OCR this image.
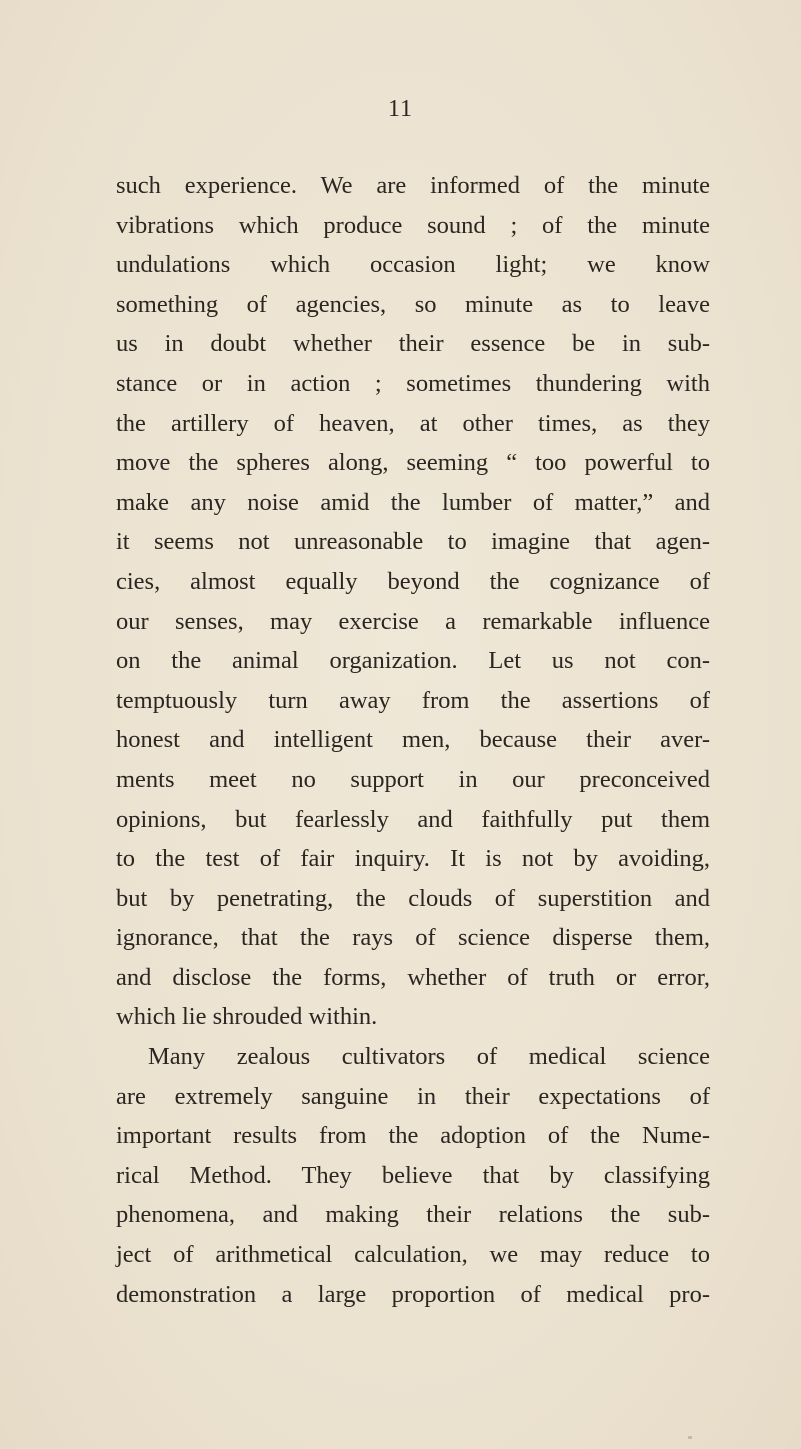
11
such experience. We are informed of the minute
vibrations which produce sound ; of the minute
undulations which occasion light; we know
something of agencies, so minute as to leave
us in doubt whether their essence be in sub-
stance or in action ; sometimes thundering with
the artillery of heaven, at other times, as they
move the spheres along, seeming “ too powerful to
make any noise amid the lumber of matter,” and
it seems not unreasonable to imagine that agen-
cies, almost equally beyond the cognizance of
our senses, may exercise a remarkable influence
on the animal organization. Let us not con-
temptuously turn away from the assertions of
honest and intelligent men, because their aver-
ments meet no support in our preconceived
opinions, but fearlessly and faithfully put them
to the test of fair inquiry. It is not by avoiding,
but by penetrating, the clouds of superstition and
ignorance, that the rays of science disperse them,
and disclose the forms, whether of truth or error,
which lie shrouded within.
Many zealous cultivators of medical science
are extremely sanguine in their expectations of
important results from the adoption of the Nume-
rical Method. They believe that by classifying
phenomena, and making their relations the sub-
ject of arithmetical calculation, we may reduce to
demonstration a large proportion of medical pro-
